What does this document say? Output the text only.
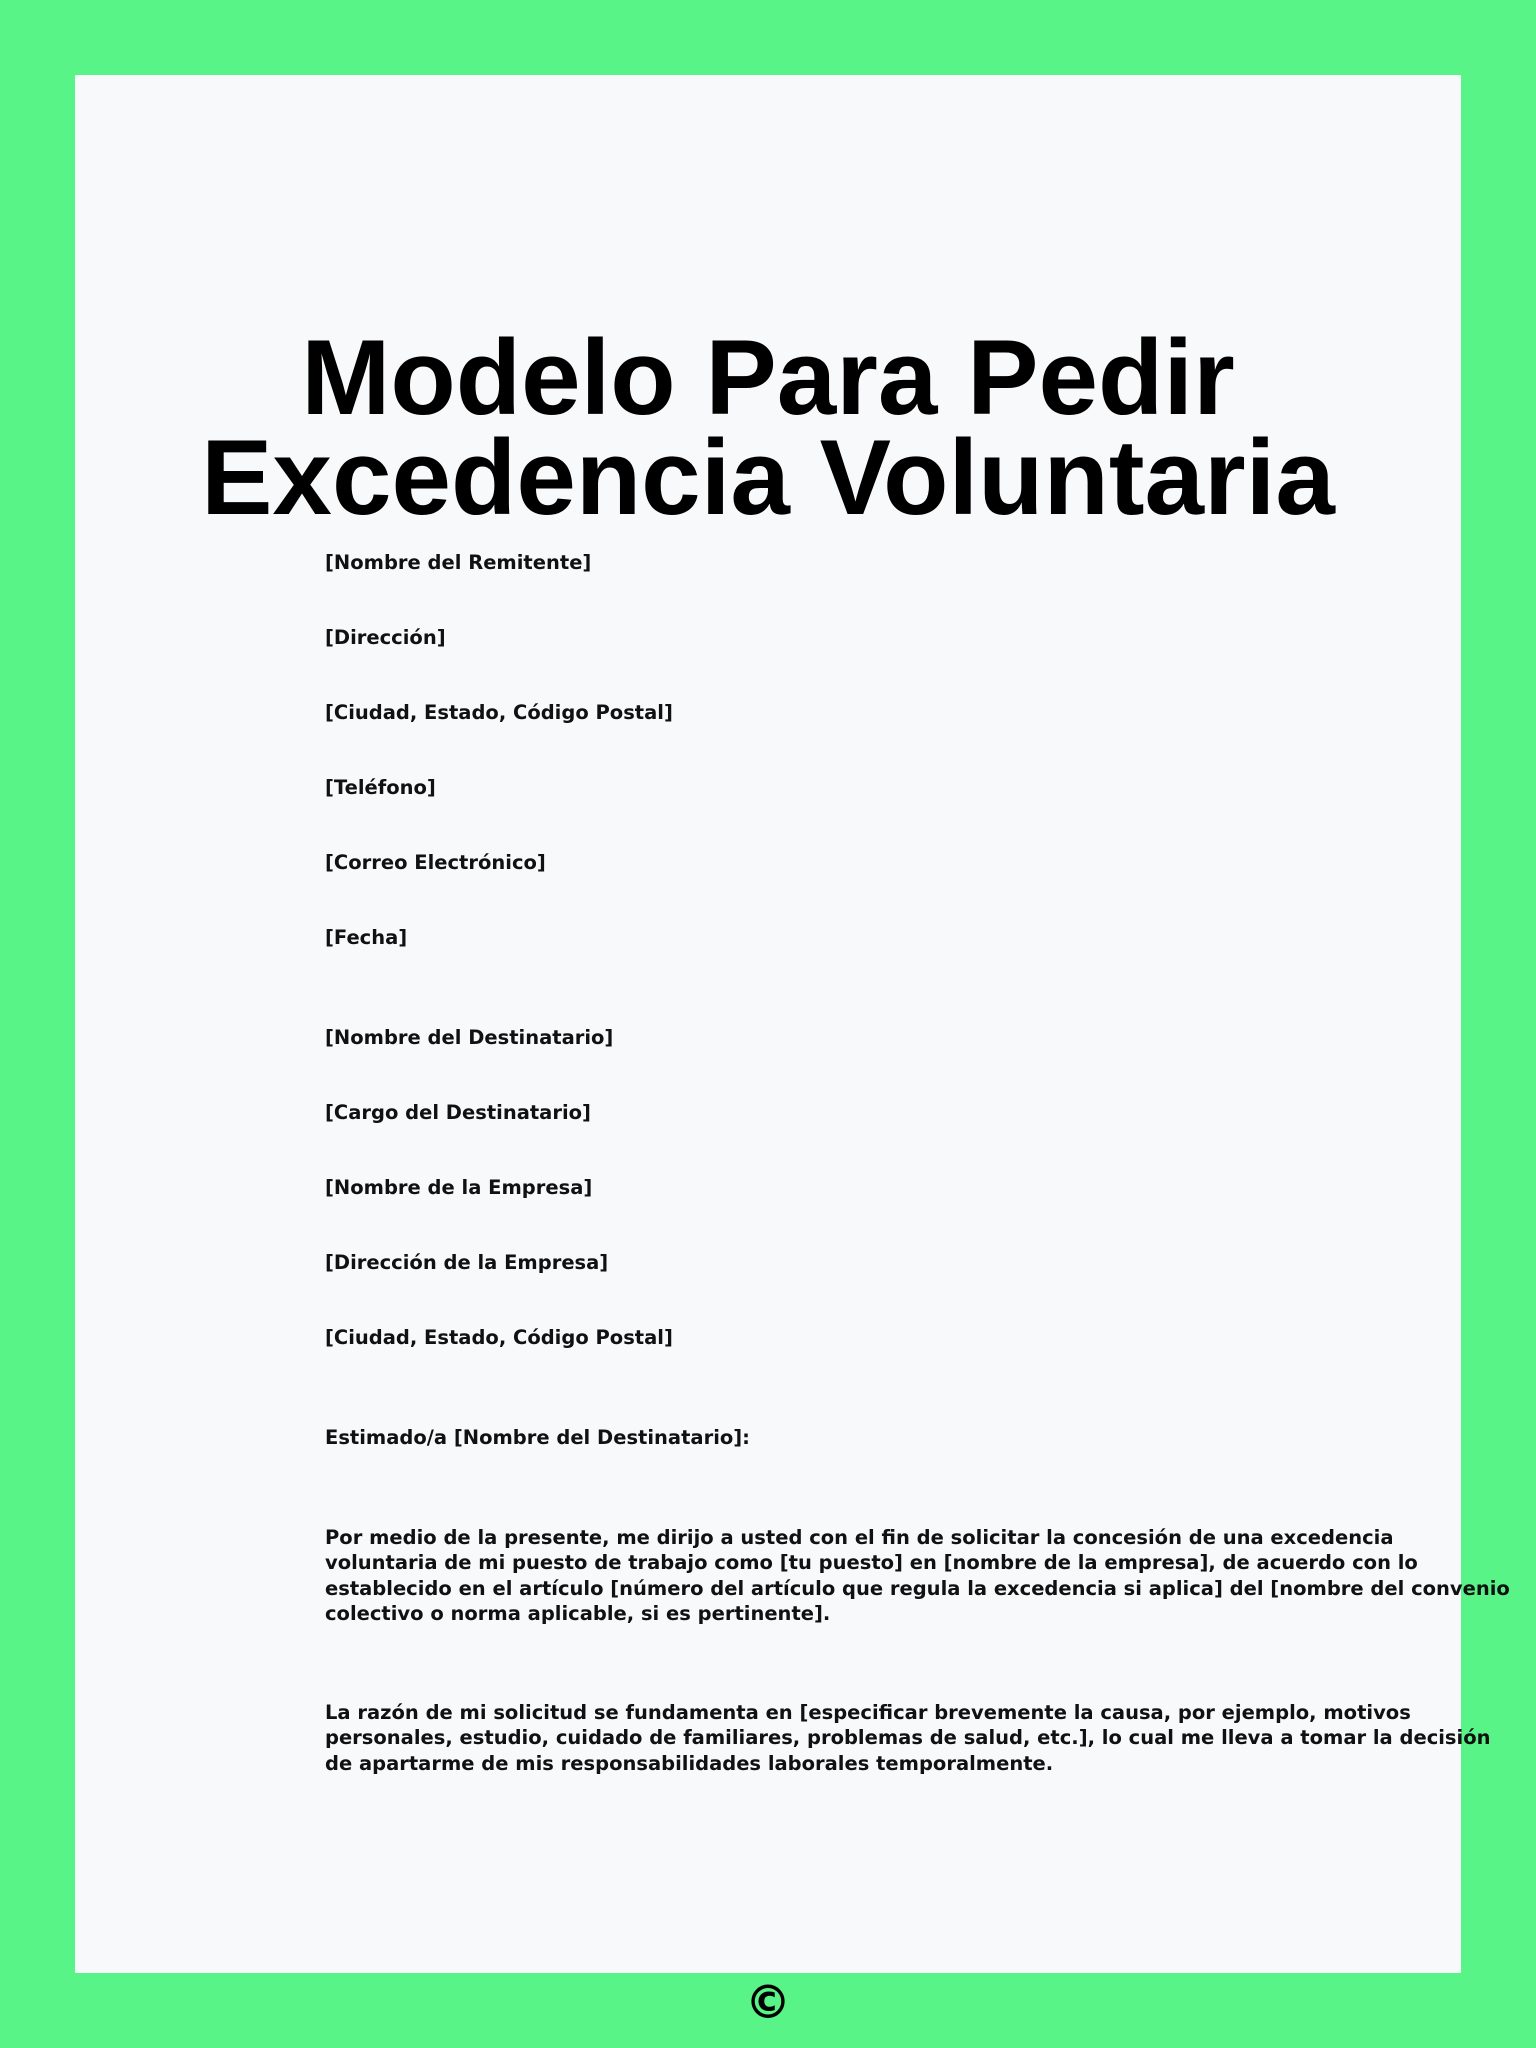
Modelo Para Pedir
Excedencia Voluntaria
[Nombre del Remitente]
[Dirección]
[Ciudad, Estado, Código Postal]
[Teléfono]
[Correo Electrónico]
[Fecha]
[Nombre del Destinatario]
[Cargo del Destinatario]
[Nombre de la Empresa]
[Dirección de la Empresa]
[Ciudad, Estado, Código Postal]
Estimado/a [Nombre del Destinatario]:
Por medio de la presente, me dirijo a usted con el fin de solicitar la concesión de una excedencia
voluntaria de mi puesto de trabajo como [tu puesto] en [nombre de la empresa], de acuerdo con lo
establecido en el artículo [número del artículo que regula la excedencia si aplica] del [nombre del convenio
colectivo o norma aplicable, si es pertinente].
La razón de mi solicitud se fundamenta en [especificar brevemente la causa, por ejemplo, motivos
personales, estudio, cuidado de familiares, problemas de salud, etc.], lo cual me lleva a tomar la decisión
de apartarme de mis responsabilidades laborales temporalmente.
©
